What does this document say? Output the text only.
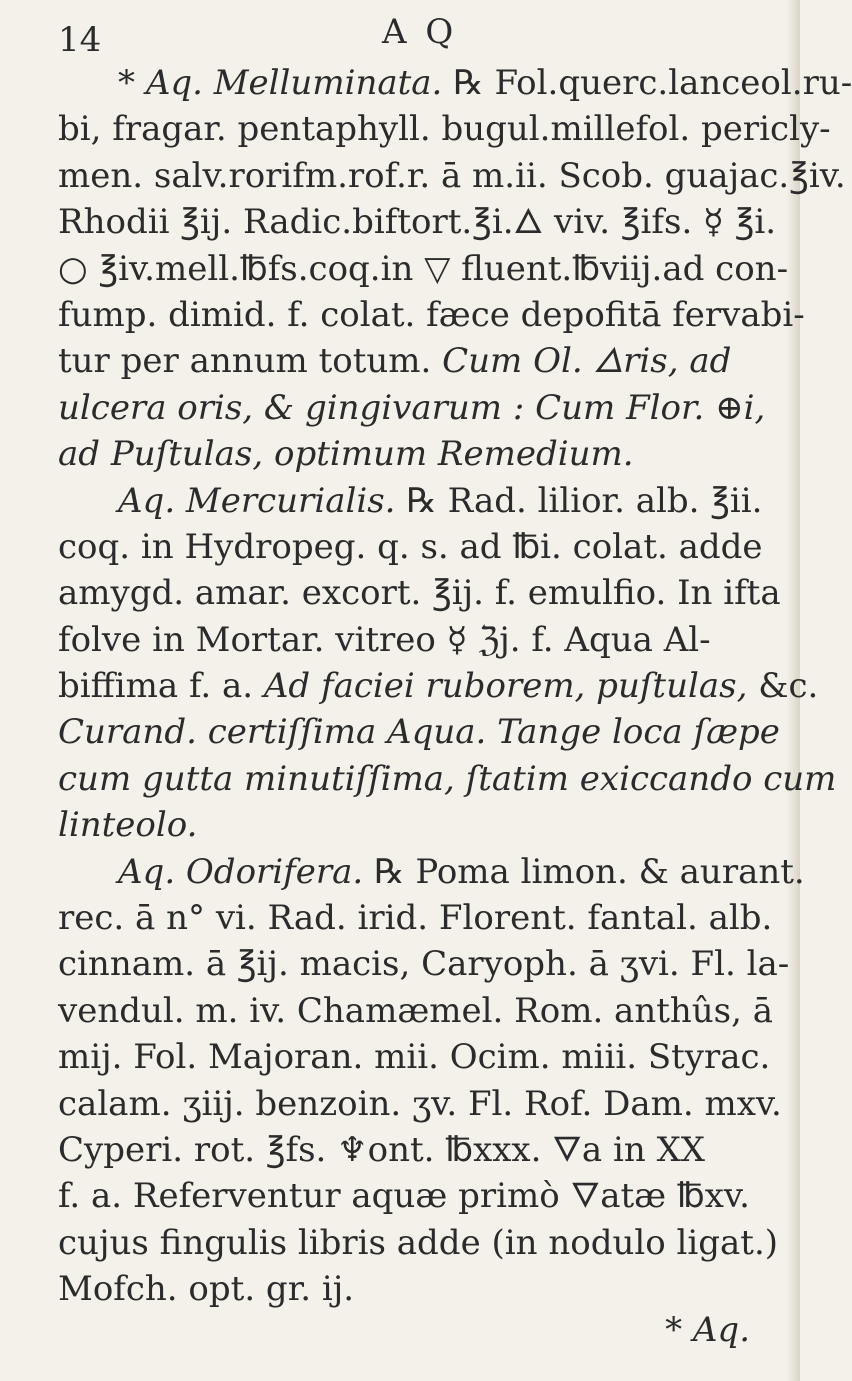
14	A Q
* Aq. Melluminata. ℞ Fol.querc.lanceol.ru-
bi, fragar. pentaphyll. bugul.millefol. pericly-
men. salv.rorifm.rof.r. ā m.ii. Scob. guajac.℥iv.
Rhodii ℥ij. Radic.biftort.℥i.🜂 viv. ℥ifs. ☿ ℥i.
○ ℥iv.mell.℔fs.coq.in ▽ fluent.℔viij.ad con-
fump. dimid. f. colat. fæce depofitā fervabi-
tur per annum totum. Cum Ol. 🜂ris, ad
ulcera oris, & gingivarum : Cum Flor. ⊕i,
ad Puſtulas, optimum Remedium.
Aq. Mercurialis. ℞ Rad. lilior. alb. ℥ii.
coq. in Hydropeg. q. s. ad ℔i. colat. adde
amygd. amar. excort. ℥ij. f. emulfio. In ifta
folve in Mortar. vitreo ☿ ℨj. f. Aqua Al-
biffima f. a. Ad faciei ruborem, puſtulas, &c.
Curand. certiſſima Aqua. Tange loca ſæpe
cum gutta minutiſſima, ſtatim exiccando cum
linteolo.
Aq. Odorifera. ℞ Poma limon. & aurant.
rec. ā n° vi. Rad. irid. Florent. fantal. alb.
cinnam. ā ℥ij. macis, Caryoph. ā ʒvi. Fl. la-
vendul. m. iv. Chamæmel. Rom. anthûs, ā
mij. Fol. Majoran. mii. Ocim. miii. Styrac.
calam. ʒiij. benzoin. ʒv. Fl. Rof. Dam. mxv.
Cyperi. rot. ℥fs. ♆ont. ℔xxx. 🜄a in XX
f. a. Referventur aquæ primò 🜄atæ ℔xv.
cujus fingulis libris adde (in nodulo ligat.)
Mofch. opt. gr. ij.
* Aq.
